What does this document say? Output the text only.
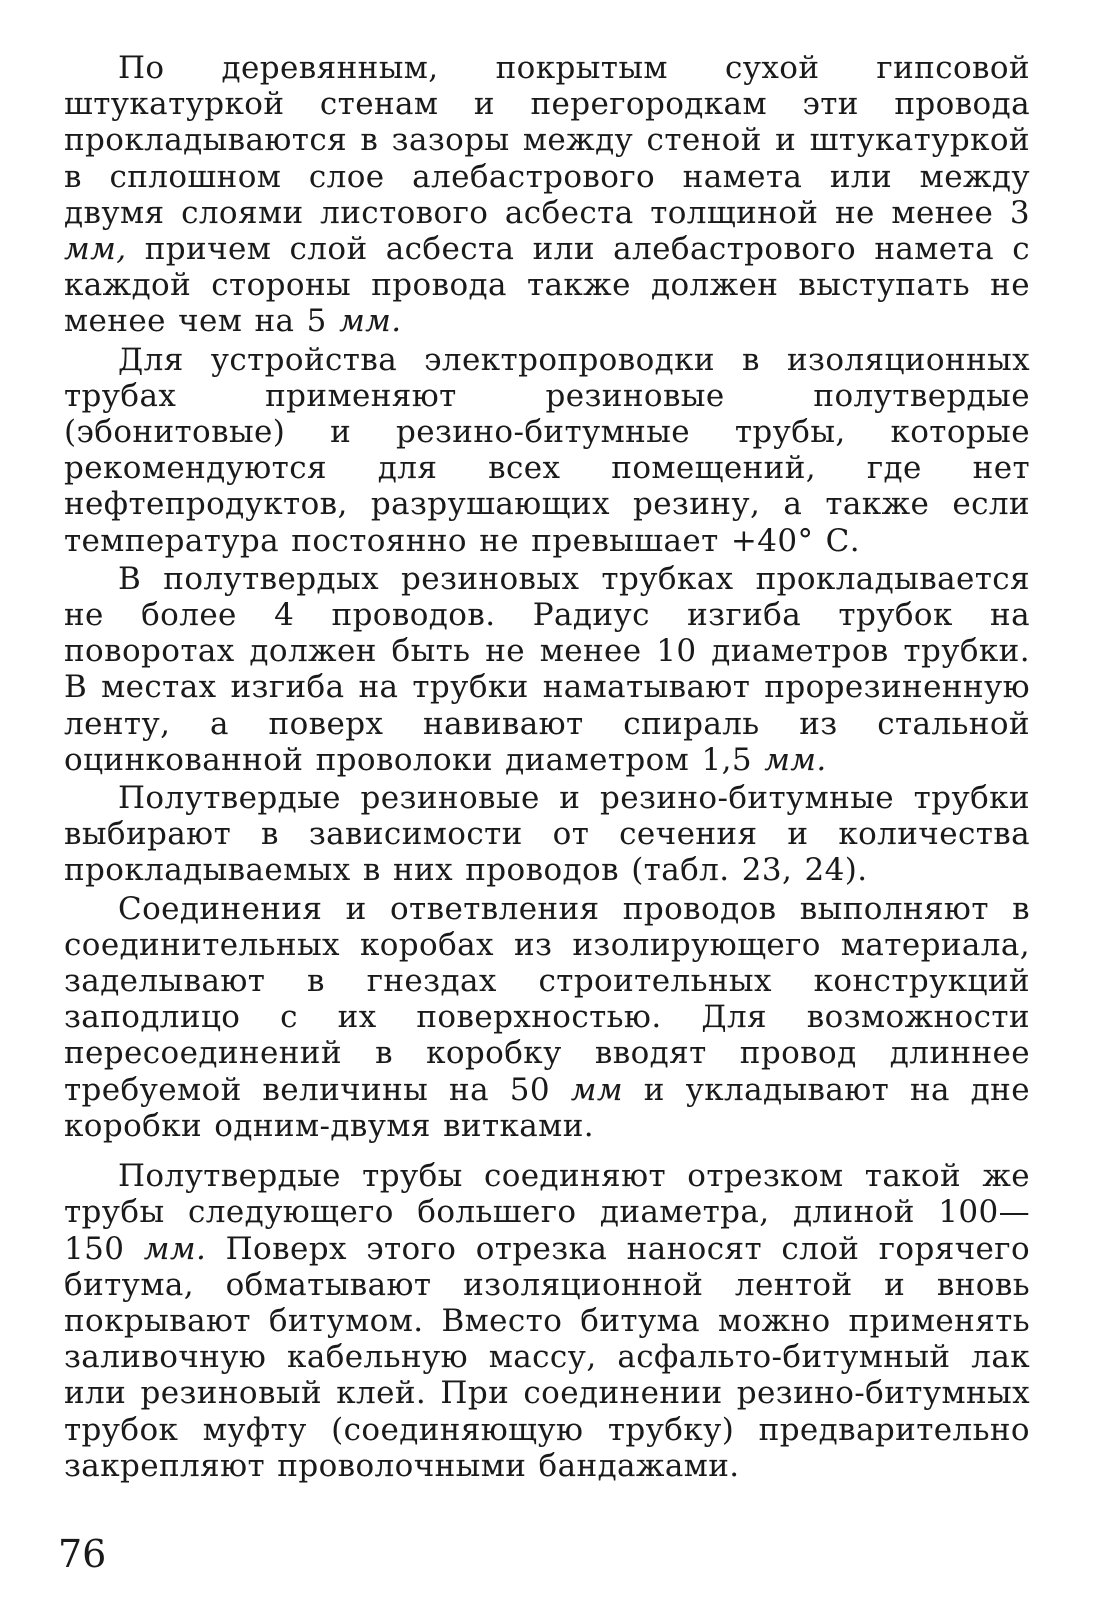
По деревянным, покрытым сухой гипсовой штукатуркой стенам и перегородкам эти провода прокладываются в зазоры между стеной и штукатуркой в сплошном слое алебастрового намета или между двумя слоями листового асбеста толщиной не менее 3 мм, причем слой асбеста или алебастрового намета с каждой стороны провода также должен выступать не менее чем на 5 мм.

Для устройства электропроводки в изоляционных трубах применяют резиновые полутвердые (эбонитовые) и резино-битумные трубы, которые рекомендуются для всех помещений, где нет нефтепродуктов, разрушающих резину, а также если температура постоянно не превышает +40° С.

В полутвердых резиновых трубках прокладывается не более 4 проводов. Радиус изгиба трубок на поворотах должен быть не менее 10 диаметров трубки. В местах изгиба на трубки наматывают прорезиненную ленту, а поверх навивают спираль из стальной оцинкованной проволоки диаметром 1,5 мм.

Полутвердые резиновые и резино-битумные трубки выбирают в зависимости от сечения и количества прокладываемых в них проводов (табл. 23, 24).

Соединения и ответвления проводов выполняют в соединительных коробах из изолирующего материала, заделывают в гнездах строительных конструкций заподлицо с их поверхностью. Для возможности пересоединений в коробку вводят провод длиннее требуемой величины на 50 мм и укладывают на дне коробки одним-двумя витками.

Полутвердые трубы соединяют отрезком такой же трубы следующего большего диаметра, длиной 100—150 мм. Поверх этого отрезка наносят слой горячего битума, обматывают изоляционной лентой и вновь покрывают битумом. Вместо битума можно применять заливочную кабельную массу, асфальто-битумный лак или резиновый клей. При соединении резино-битумных трубок муфту (соединяющую трубку) предварительно закрепляют проволочными бандажами.

76
